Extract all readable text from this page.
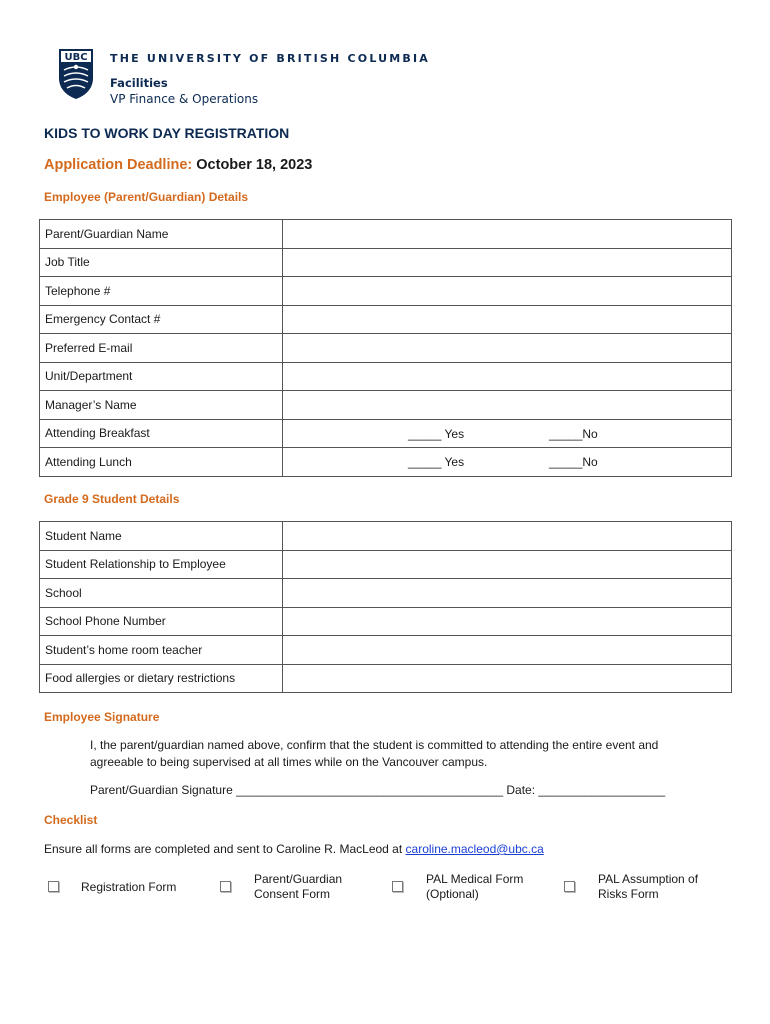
UBC THE UNIVERSITY OF BRITISH COLUMBIA
Facilities
VP Finance & Operations
KIDS TO WORK DAY REGISTRATION
Application Deadline: October 18, 2023
Employee (Parent/Guardian) Details
Parent/Guardian Name	
Job Title	
Telephone #	
Emergency Contact #	
Preferred E-mail	
Unit/Department	
Manager’s Name	
Attending Breakfast	_____ Yes _____No

Attending Lunch	_____ Yes _____No
Grade 9 Student Details
Student Name	
Student Relationship to Employee	
School	
School Phone Number	
Student’s home room teacher	
Food allergies or dietary restrictions	
Employee Signature
I, the parent/guardian named above, confirm that the student is committed to attending the entire event and agreeable to being supervised at all times while on the Vancouver campus.
Parent/Guardian Signature ________________________________________ Date: ___________________
Checklist
Ensure all forms are completed and sent to Caroline R. MacLeod at caroline.macleod@ubc.ca
Registration Form
Parent/Guardian
Consent Form
PAL Medical Form
(Optional)
PAL Assumption of
Risks Form
